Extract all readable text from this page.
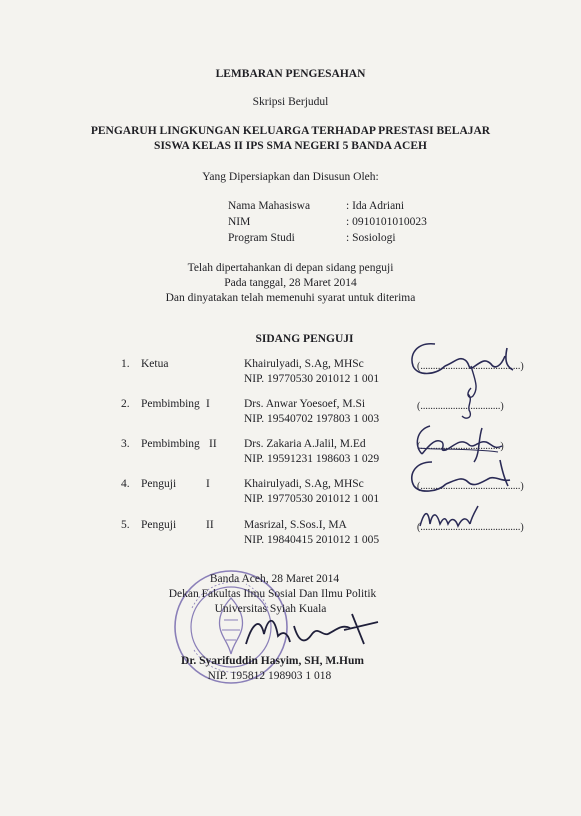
LEMBARAN PENGESAHAN
Skripsi Berjudul
PENGARUH LINGKUNGAN KELUARGA TERHADAP PRESTASI BELAJAR
SISWA KELAS II IPS SMA NEGERI 5 BANDA ACEH
Yang Dipersiapkan dan Disusun Oleh:
Nama Mahasiswa	: Ida Adriani
NIM	: 0910101010023
Program Studi	: Sosiologi
Telah dipertahankan di depan sidang penguji
Pada tanggal, 28 Maret 2014
Dan dinyatakan telah memenuhi syarat untuk diterima
SIDANG PENGUJI
1. Ketua	Khairulyadi, S.Ag, MHSc
NIP. 19770530 201012 1 001
(........................................)
2. Pembimbing I	Drs. Anwar Yoesoef, M.Si
NIP. 19540702 197803 1 003
(................................)
3. Pembimbing II Drs. Zakaria A.Jalil, M.Ed
NIP. 19591231 198603 1 029
(................................)
4. Penguji	I	Khairulyadi, S.Ag, MHSc
NIP. 19770530 201012 1 001
(........................................)
5. Penguji	II	Masrizal, S.Sos.I, MA
NIP. 19840415 201012 1 005
(........................................)
Banda Aceh, 28 Maret 2014
Dekan Fakultas Ilmu Sosial Dan Ilmu Politik
Universitas Syiah Kuala
Dr. Syarifuddin Hasyim, SH, M.Hum
NIP. 195812 198903 1 018
